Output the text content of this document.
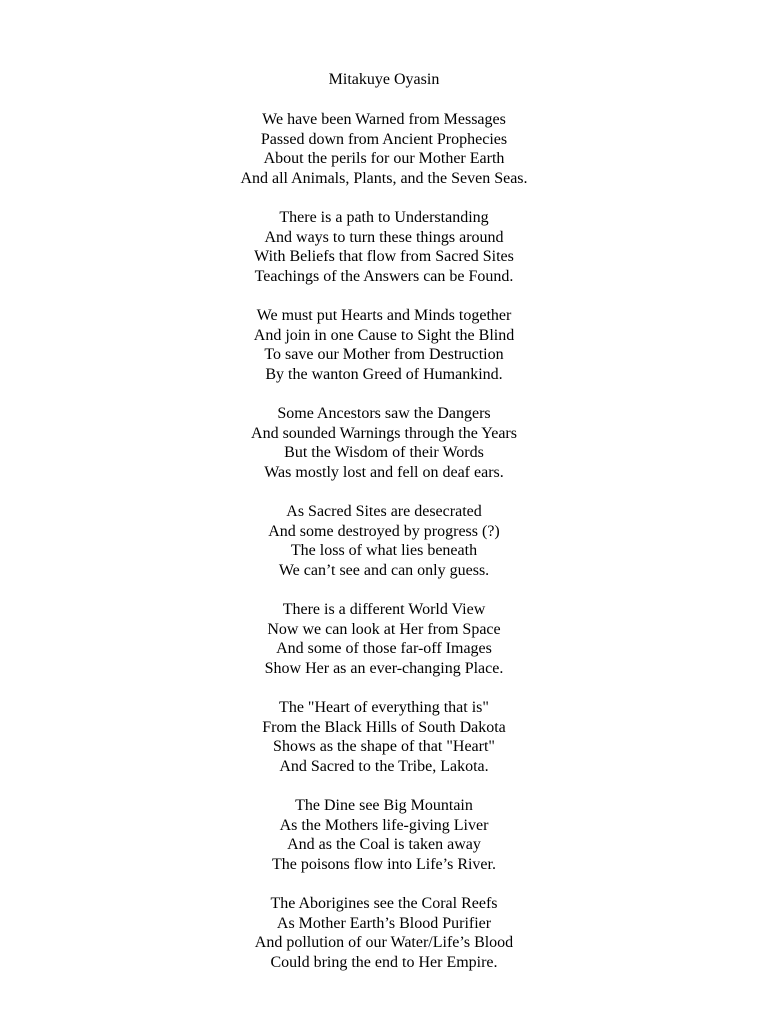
Mitakuye Oyasin
We have been Warned from Messages
Passed down from Ancient Prophecies
About the perils for our Mother Earth
And all Animals, Plants, and the Seven Seas.
There is a path to Understanding
And ways to turn these things around
With Beliefs that flow from Sacred Sites
Teachings of the Answers can be Found.
We must put Hearts and Minds together
And join in one Cause to Sight the Blind
To save our Mother from Destruction
By the wanton Greed of Humankind.
Some Ancestors saw the Dangers
And sounded Warnings through the Years
But the Wisdom of their Words
Was mostly lost and fell on deaf ears.
As Sacred Sites are desecrated
And some destroyed by progress (?)
The loss of what lies beneath
We can’t see and can only guess.
There is a different World View
Now we can look at Her from Space
And some of those far-off Images
Show Her as an ever-changing Place.
The "Heart of everything that is"
From the Black Hills of South Dakota
Shows as the shape of that "Heart"
And Sacred to the Tribe, Lakota.
The Dine see Big Mountain
As the Mothers life-giving Liver
And as the Coal is taken away
The poisons flow into Life’s River.
The Aborigines see the Coral Reefs
As Mother Earth’s Blood Purifier
And pollution of our Water/Life’s Blood
Could bring the end to Her Empire.
